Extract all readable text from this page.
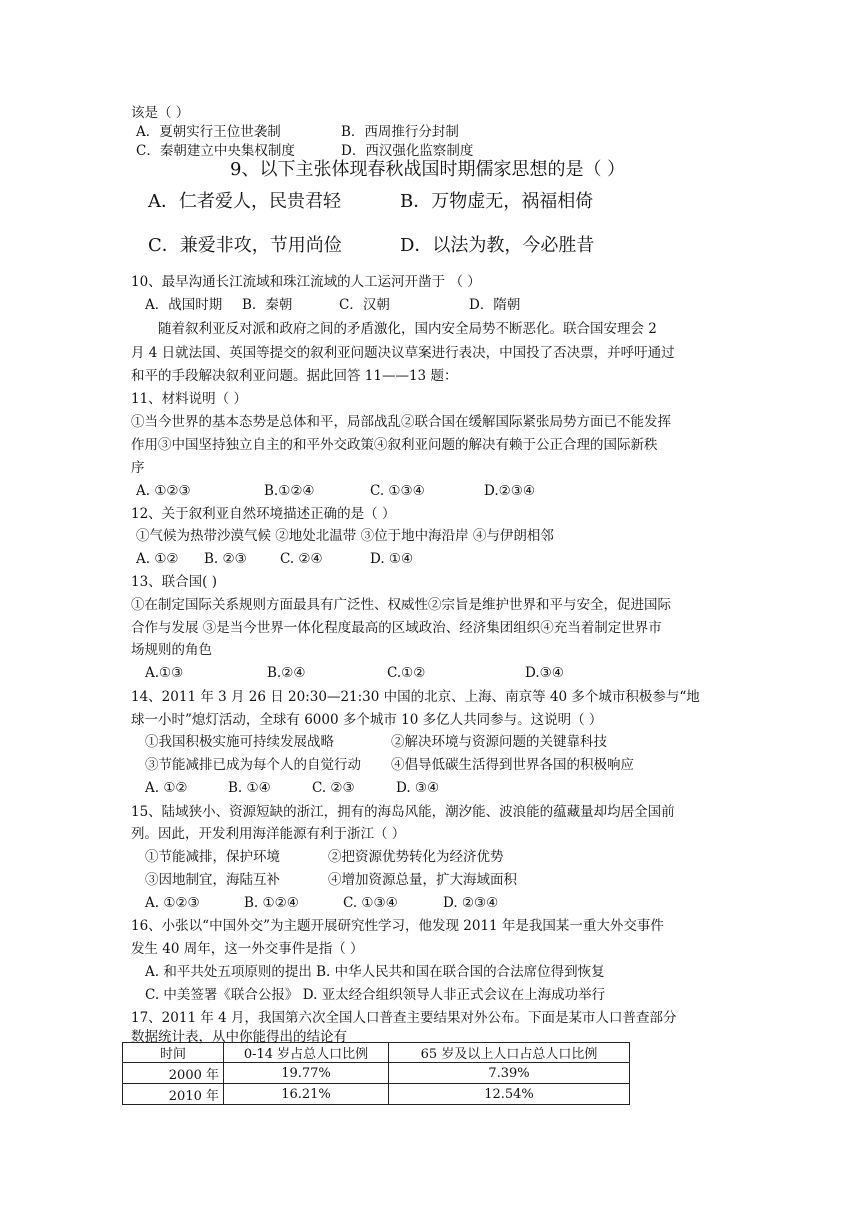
该是（ ）

A．夏朝实行王位世袭制	B．西周推行分封制

C．秦朝建立中央集权制度	D．西汉强化监察制度

9、以下主张体现春秋战国时期儒家思想的是（ ）

A．仁者爱人，民贵君轻	B．万物虚无，祸福相倚

C．兼爱非攻，节用尚俭	D．以法为教，今必胜昔

10、最早沟通长江流域和珠江流域的人工运河开凿于 （ ）

A．战国时期 B．秦朝	C．汉朝	D．隋朝

随着叙利亚反对派和政府之间的矛盾激化，国内安全局势不断恶化。联合国安理会 2

月 4 日就法国、英国等提交的叙利亚问题决议草案进行表决，中国投了否决票，并呼吁通过

和平的手段解决叙利亚问题。据此回答 11——13 题：

11、材料说明（ ）

①当今世界的基本态势是总体和平，局部战乱②联合国在缓解国际紧张局势方面已不能发挥

作用③中国坚持独立自主的和平外交政策④叙利亚问题的解决有赖于公正合理的国际新秩

序

A. ①②③	B.①②④	C. ①③④	D.②③④

12、关于叙利亚自然环境描述正确的是（ ）

①气候为热带沙漠气候 ②地处北温带 ③位于地中海沿岸 ④与伊朗相邻

A. ①② B. ②③ C. ②④	D. ①④

13、联合国( )

①在制定国际关系规则方面最具有广泛性、权威性②宗旨是维护世界和平与安全，促进国际

合作与发展 ③是当今世界一体化程度最高的区域政治、经济集团组织④充当着制定世界市

场规则的角色

A.①③	B.②④	C.①②	D.③④

14、2011 年 3 月 26 日 20:30—21:30 中国的北京、上海、南京等 40 多个城市积极参与“地

球一小时”熄灯活动，全球有 6000 多个城市 10 多亿人共同参与。这说明（ ）

①我国积极实施可持续发展战略	②解决环境与资源问题的关键靠科技

③节能减排已成为每个人的自觉行动 ④倡导低碳生活得到世界各国的积极响应

A. ①②	B. ①④	C. ②③	D. ③④

15、陆域狭小、资源短缺的浙江，拥有的海岛风能，潮汐能、波浪能的蕴藏量却均居全国前

列。因此，开发利用海洋能源有利于浙江（ ）

①节能减排，保护环境	②把资源优势转化为经济优势

③因地制宜，海陆互补	④增加资源总量，扩大海域面积

A. ①②③	B. ①②④	C. ①③④	D. ②③④

16、小张以“中国外交”为主题开展研究性学习，他发现 2011 年是我国某一重大外交事件

发生 40 周年，这一外交事件是指（ ）

A. 和平共处五项原则的提出 B. 中华人民共和国在联合国的合法席位得到恢复

C. 中美签署《联合公报》 D. 亚太经合组织领导人非正式会议在上海成功举行

17、2011 年 4 月，我国第六次全国人口普查主要结果对外公布。下面是某市人口普查部分

数据统计表，从中你能得出的结论有

时间	0-14 岁占总人口比例	65 岁及以上人口占总人口比例
2000 年	19.77%	7.39%
2010 年	16.21%	12.54%
